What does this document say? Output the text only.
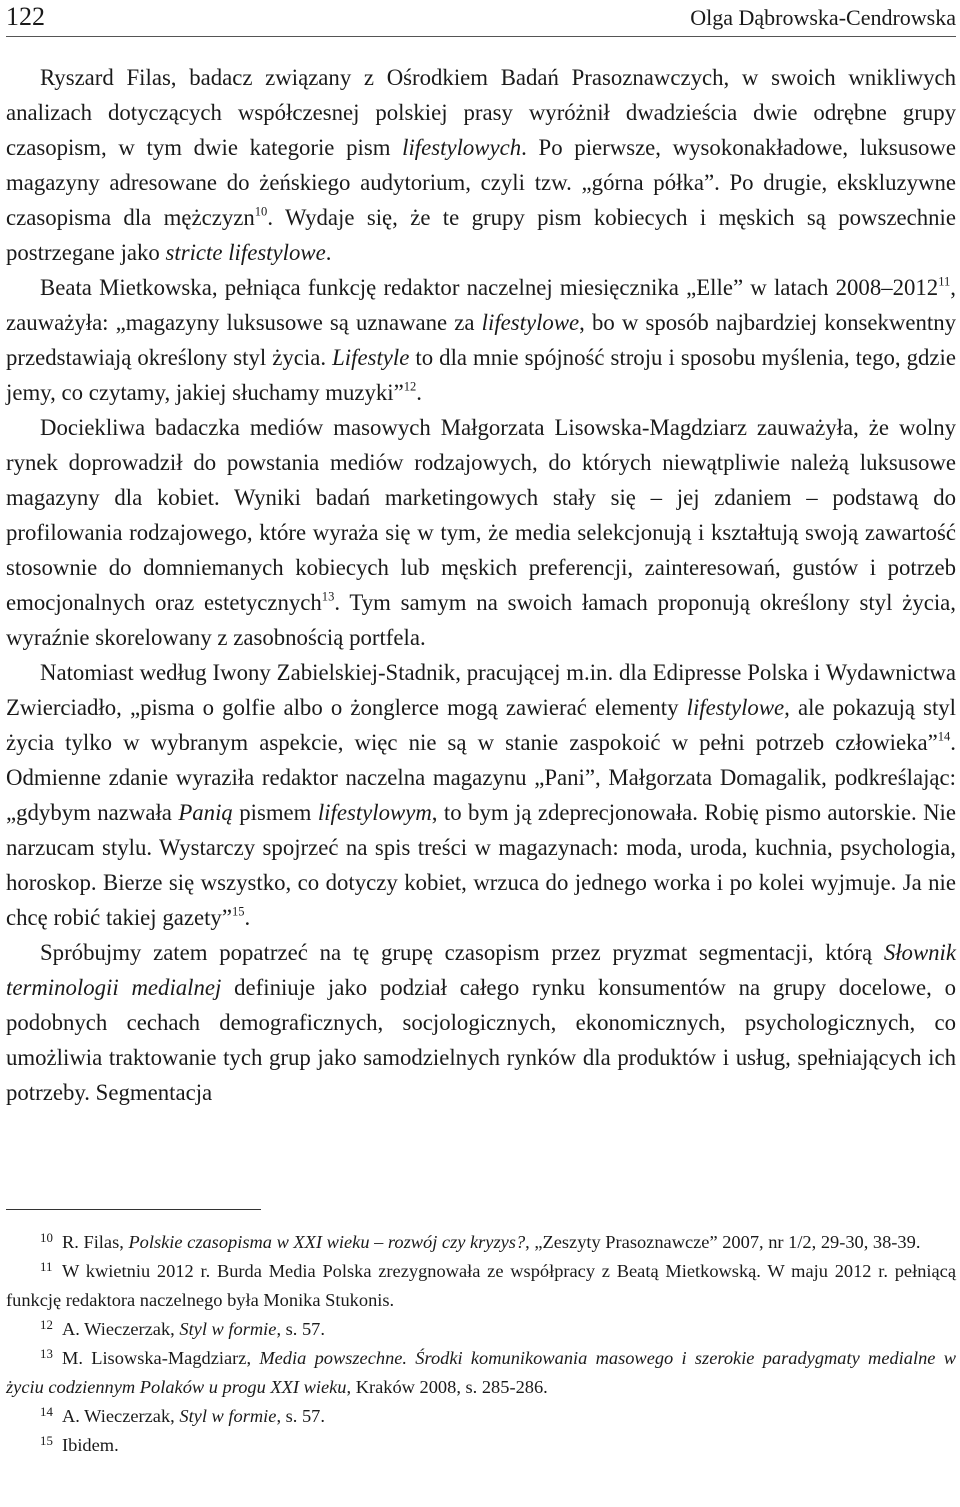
122	Olga Dąbrowska-Cendrowska

Ryszard Filas, badacz związany z Ośrodkiem Badań Prasoznawczych, w swoich wnikliwych analizach dotyczących współczesnej polskiej prasy wyróżnił dwadzieścia dwie odrębne grupy czasopism, w tym dwie kategorie pism lifestylowych. Po pierwsze, wysokonakładowe, luksusowe magazyny adresowane do żeńskiego audytorium, czyli tzw. „górna półka”. Po drugie, ekskluzywne czasopisma dla mężczyzn$^{10}$. Wydaje się, że te grupy pism kobiecych i męskich są powszechnie postrzegane jako stricte lifestylowe.

Beata Mietkowska, pełniąca funkcję redaktor naczelnej miesięcznika „Elle” w latach 2008–2012$^{11}$, zauważyła: „magazyny luksusowe są uznawane za lifestylowe, bo w sposób najbardziej konsekwentny przedstawiają określony styl życia. Lifestyle to dla mnie spójność stroju i sposobu myślenia, tego, gdzie jemy, co czytamy, jakiej słuchamy muzyki”$^{12}$.

Dociekliwa badaczka mediów masowych Małgorzata Lisowska-Magdziarz zauważyła, że wolny rynek doprowadził do powstania mediów rodzajowych, do których niewątpliwie należą luksusowe magazyny dla kobiet. Wyniki badań marketingowych stały się – jej zdaniem – podstawą do profilowania rodzajowego, które wyraża się w tym, że media selekcjonują i kształtują swoją zawartość stosownie do domniemanych kobiecych lub męskich preferencji, zainteresowań, gustów i potrzeb emocjonalnych oraz estetycznych$^{13}$. Tym samym na swoich łamach proponują określony styl życia, wyraźnie skorelowany z zasobnością portfela.

Natomiast według Iwony Zabielskiej-Stadnik, pracującej m.in. dla Edipresse Polska i Wydawnictwa Zwierciadło, „pisma o golfie albo o żonglerce mogą zawierać elementy lifestylowe, ale pokazują styl życia tylko w wybranym aspekcie, więc nie są w stanie zaspokoić w pełni potrzeb człowieka”$^{14}$. Odmienne zdanie wyraziła redaktor naczelna magazynu „Pani”, Małgorzata Domagalik, podkreślając: „gdybym nazwała Panią pismem lifestylowym, to bym ją zdeprecjonowała. Robię pismo autorskie. Nie narzucam stylu. Wystarczy spojrzeć na spis treści w magazynach: moda, uroda, kuchnia, psychologia, horoskop. Bierze się wszystko, co dotyczy kobiet, wrzuca do jednego worka i po kolei wyjmuje. Ja nie chcę robić takiej gazety”$^{15}$.

Spróbujmy zatem popatrzeć na tę grupę czasopism przez pryzmat segmentacji, którą Słownik terminologii medialnej definiuje jako podział całego rynku konsumentów na grupy docelowe, o podobnych cechach demograficznych, socjologicznych, ekonomicznych, psychologicznych, co umożliwia traktowanie tych grup jako samodzielnych rynków dla produktów i usług, spełniających ich potrzeby. Segmentacja

10 R. Filas, Polskie czasopisma w XXI wieku – rozwój czy kryzys?, „Zeszyty Prasoznawcze” 2007, nr 1/2, 29-30, 38-39.

11 W kwietniu 2012 r. Burda Media Polska zrezygnowała ze współpracy z Beatą Mietkowską. W maju 2012 r. pełniącą funkcję redaktora naczelnego była Monika Stukonis.

12 A. Wieczerzak, Styl w formie, s. 57.

13 M. Lisowska-Magdziarz, Media powszechne. Środki komunikowania masowego i szerokie paradygmaty medialne w życiu codziennym Polaków u progu XXI wieku, Kraków 2008, s. 285-286.

14 A. Wieczerzak, Styl w formie, s. 57.

15 Ibidem.
